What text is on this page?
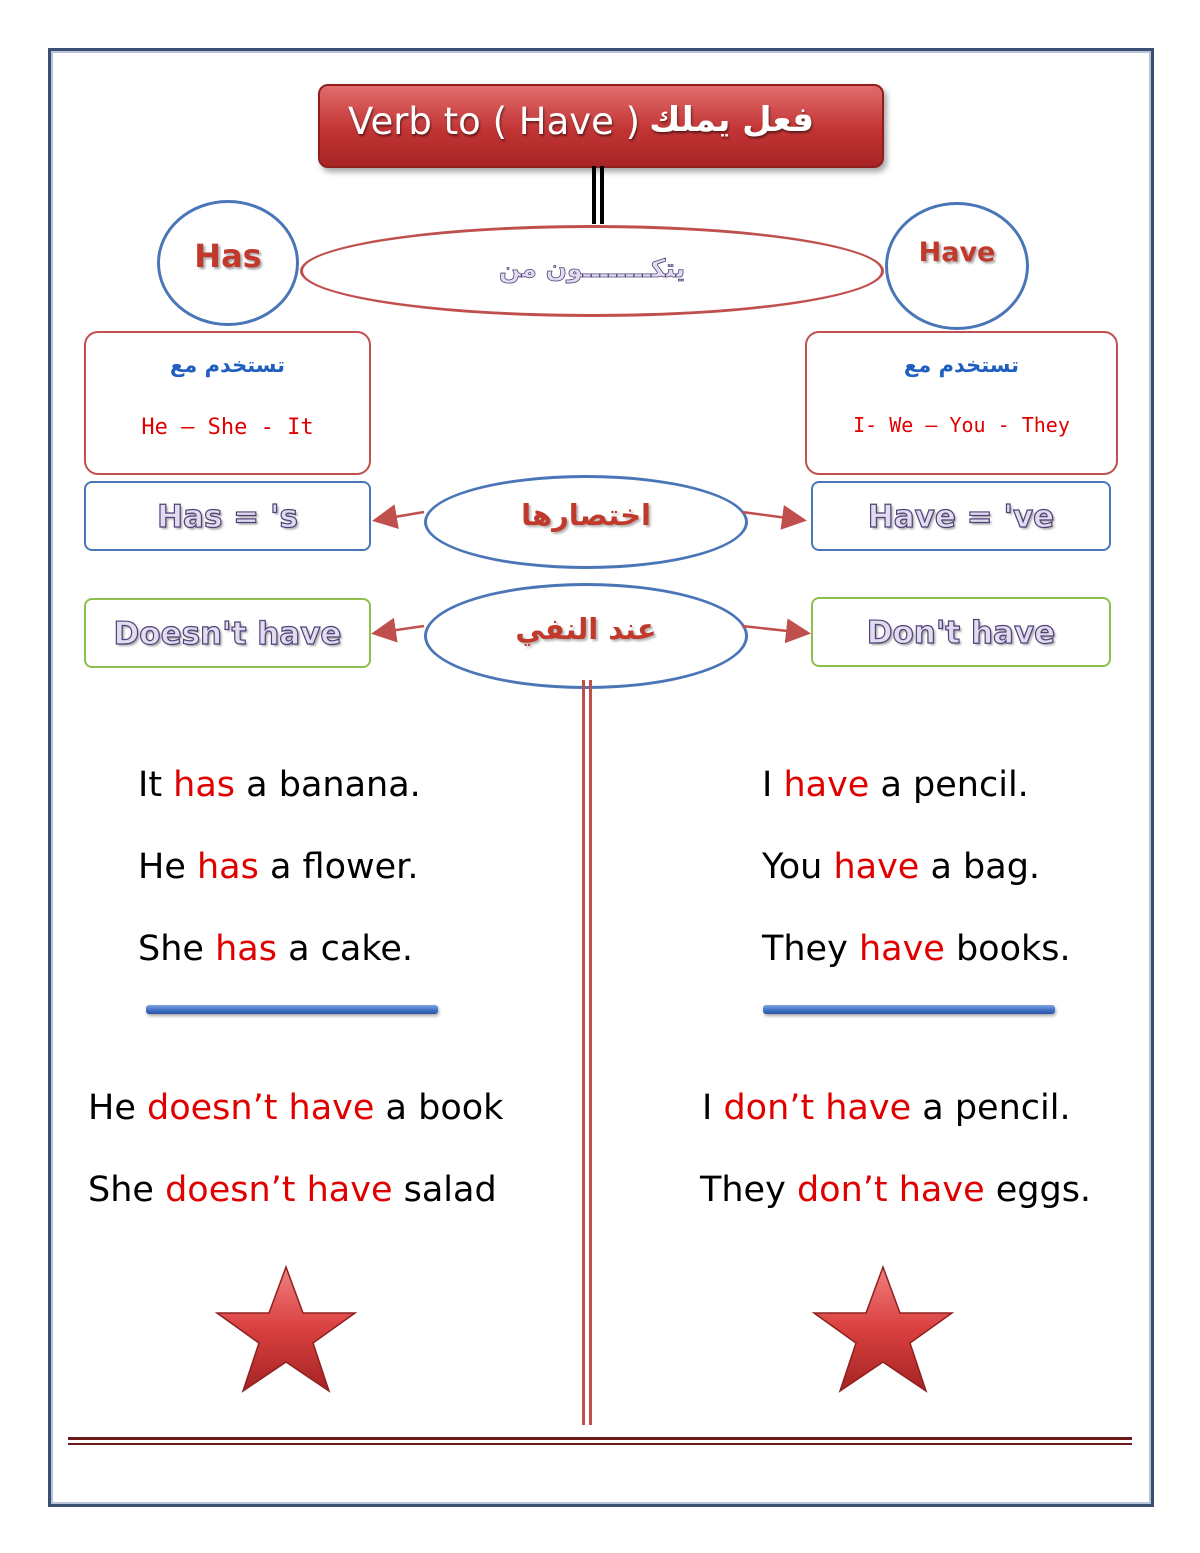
Verb to ( Have ) فعل يملك
Has	Have
يتكــــــــون من
تستخدم مع
He – She - It
تستخدم مع
I- We – You - They
Has = 's	اختصارها	Have = 've
Doesn't have	عند النفي	Don't have
It has a banana.
He has a flower.
She has a cake.
I have a pencil.
You have a bag.
They have books.
He doesn’t have a book
She doesn’t have salad
I don’t have a pencil.
They don’t have eggs.
